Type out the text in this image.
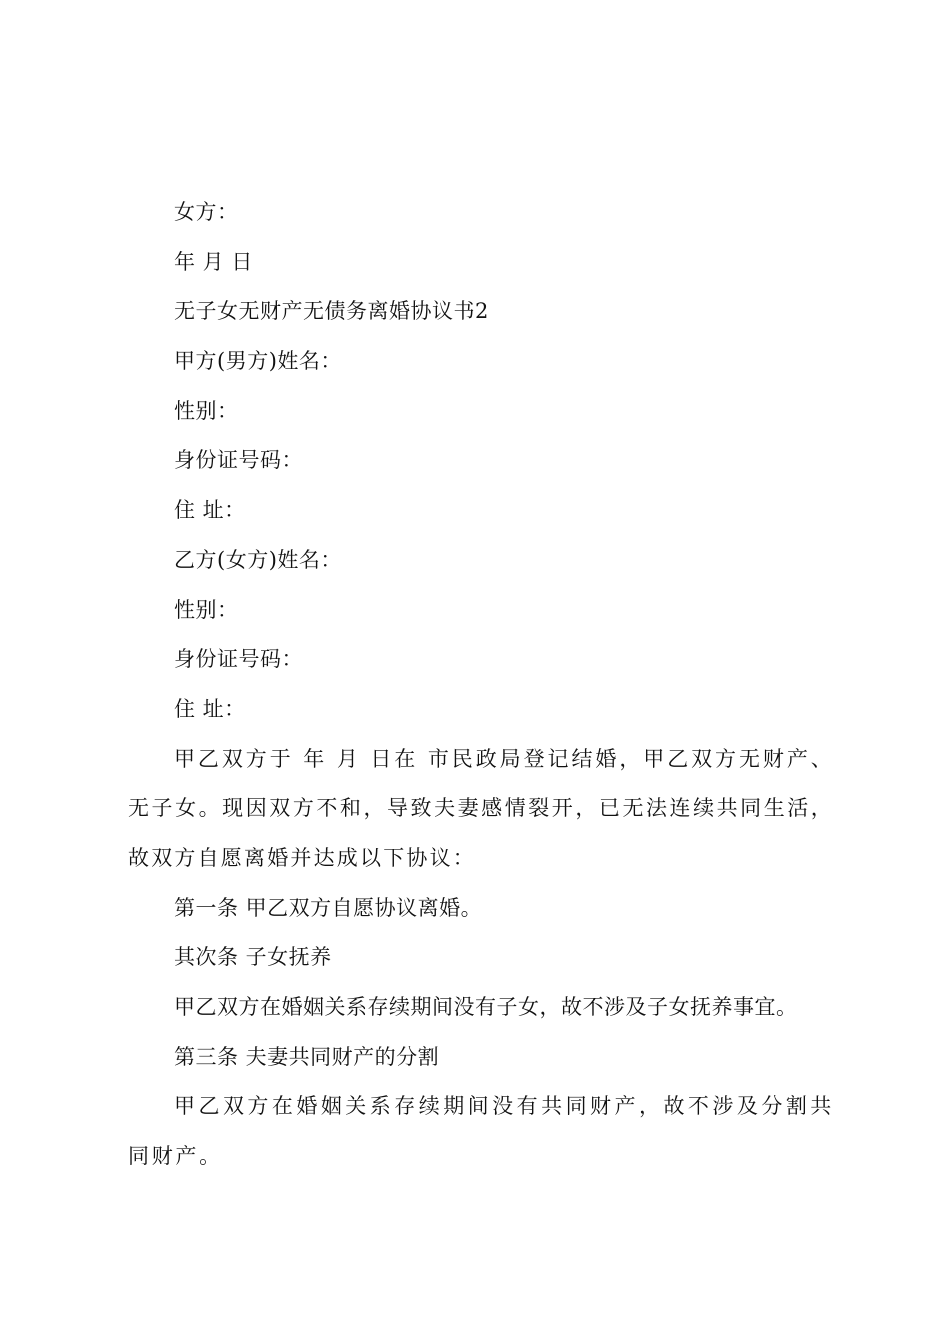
女方：
年 月 日
无子女无财产无债务离婚协议书2
甲方(男方)姓名：
性别：
身份证号码：
住 址：
乙方(女方)姓名：
性别：
身份证号码：
住 址：
甲乙双方于 年 月 日在 市民政局登记结婚，甲乙双方无财产、无子女。现因双方不和，导致夫妻感情裂开，已无法连续共同生活，故双方自愿离婚并达成以下协议：
第一条 甲乙双方自愿协议离婚。
其次条 子女抚养
甲乙双方在婚姻关系存续期间没有子女，故不涉及子女抚养事宜。
第三条 夫妻共同财产的分割
甲乙双方在婚姻关系存续期间没有共同财产，故不涉及分割共同财产。
